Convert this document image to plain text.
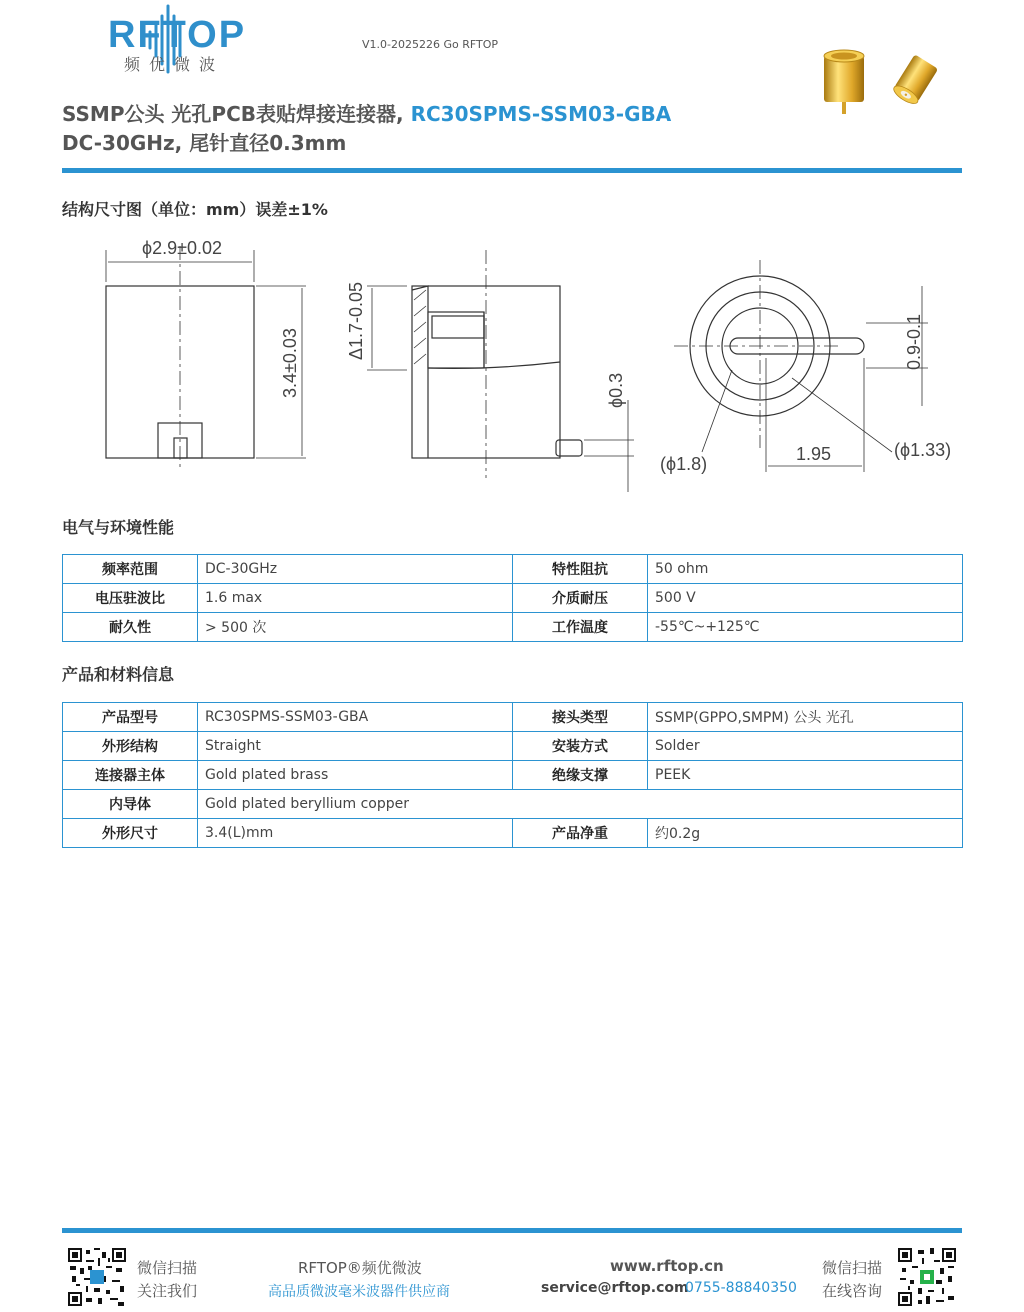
RFTOP
频优微波
V1.0-2025226 Go RFTOP
SSMP公头 光孔PCB表贴焊接连接器, RC30SPMS-SSM03-GBA
DC-30GHz, 尾针直径0.3mm
结构尺寸图（单位：mm）误差±1%
ϕ2.9±0.02
3.4±0.03
Δ1.7-0.05
ϕ0.3
0.9-0.1
(ϕ1.8)	1.95	(ϕ1.33)
电气与环境性能
频率范围	DC-30GHz	特性阻抗	50 ohm
电压驻波比	1.6 max	介质耐压	500 V
耐久性	> 500 次	工作温度	-55℃~+125℃
产品和材料信息
产品型号	RC30SPMS-SSM03-GBA	接头类型	SSMP(GPPO,SMPM) 公头 光孔
外形结构	Straight	安装方式	Solder
连接器主体	Gold plated brass	绝缘支撑	PEEK
内导体	Gold plated beryllium copper		
外形尺寸	3.4(L)mm	产品净重	约0.2g
微信扫描
关注我们
RFTOP®频优微波
高品质微波毫米波器件供应商
www.rftop.cn
service@rftop.com
0755-88840350
微信扫描
在线咨询
